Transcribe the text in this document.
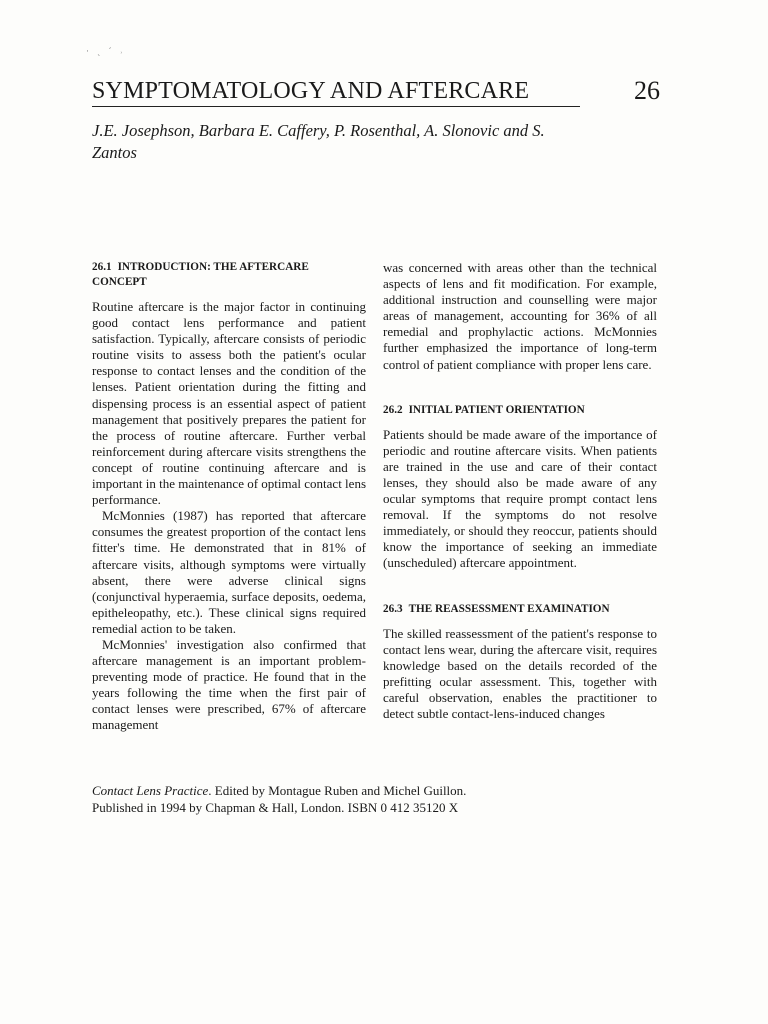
· ˏ ˊ ˒
SYMPTOMATOLOGY AND AFTERCARE	26
J.E. Josephson, Barbara E. Caffery, P. Rosenthal, A. Slonovic and S. Zantos
26.1 INTRODUCTION: THE AFTERCARE CONCEPT

Routine aftercare is the major factor in continuing good contact lens performance and patient satisfaction. Typically, aftercare consists of periodic routine visits to assess both the patient's ocular response to contact lenses and the condition of the lenses. Patient orientation during the fitting and dispensing process is an essential aspect of patient management that positively prepares the patient for the process of routine aftercare. Further verbal reinforcement during aftercare visits strengthens the concept of routine continuing aftercare and is important in the maintenance of optimal contact lens performance.

McMonnies (1987) has reported that aftercare consumes the greatest proportion of the contact lens fitter's time. He demonstrated that in 81% of aftercare visits, although symptoms were virtually absent, there were adverse clinical signs (conjunctival hyperaemia, surface deposits, oedema, epitheleopathy, etc.). These clinical signs required remedial action to be taken.

McMonnies' investigation also confirmed that aftercare management is an important problem-preventing mode of practice. He found that in the years following the time when the first pair of contact lenses were prescribed, 67% of aftercare management

was concerned with areas other than the technical aspects of lens and fit modification. For example, additional instruction and counselling were major areas of management, accounting for 36% of all remedial and prophylactic actions. McMonnies further emphasized the importance of long-term control of patient compliance with proper lens care.

26.2 INITIAL PATIENT ORIENTATION

Patients should be made aware of the importance of periodic and routine aftercare visits. When patients are trained in the use and care of their contact lenses, they should also be made aware of any ocular symptoms that require prompt contact lens removal. If the symptoms do not resolve immediately, or should they reoccur, patients should know the importance of seeking an immediate (unscheduled) aftercare appointment.

26.3 THE REASSESSMENT EXAMINATION

The skilled reassessment of the patient's response to contact lens wear, during the aftercare visit, requires knowledge based on the details recorded of the prefitting ocular assessment. This, together with careful observation, enables the practitioner to detect subtle contact-lens-induced changes

Contact Lens Practice. Edited by Montague Ruben and Michel Guillon.
Published in 1994 by Chapman & Hall, London. ISBN 0 412 35120 X
